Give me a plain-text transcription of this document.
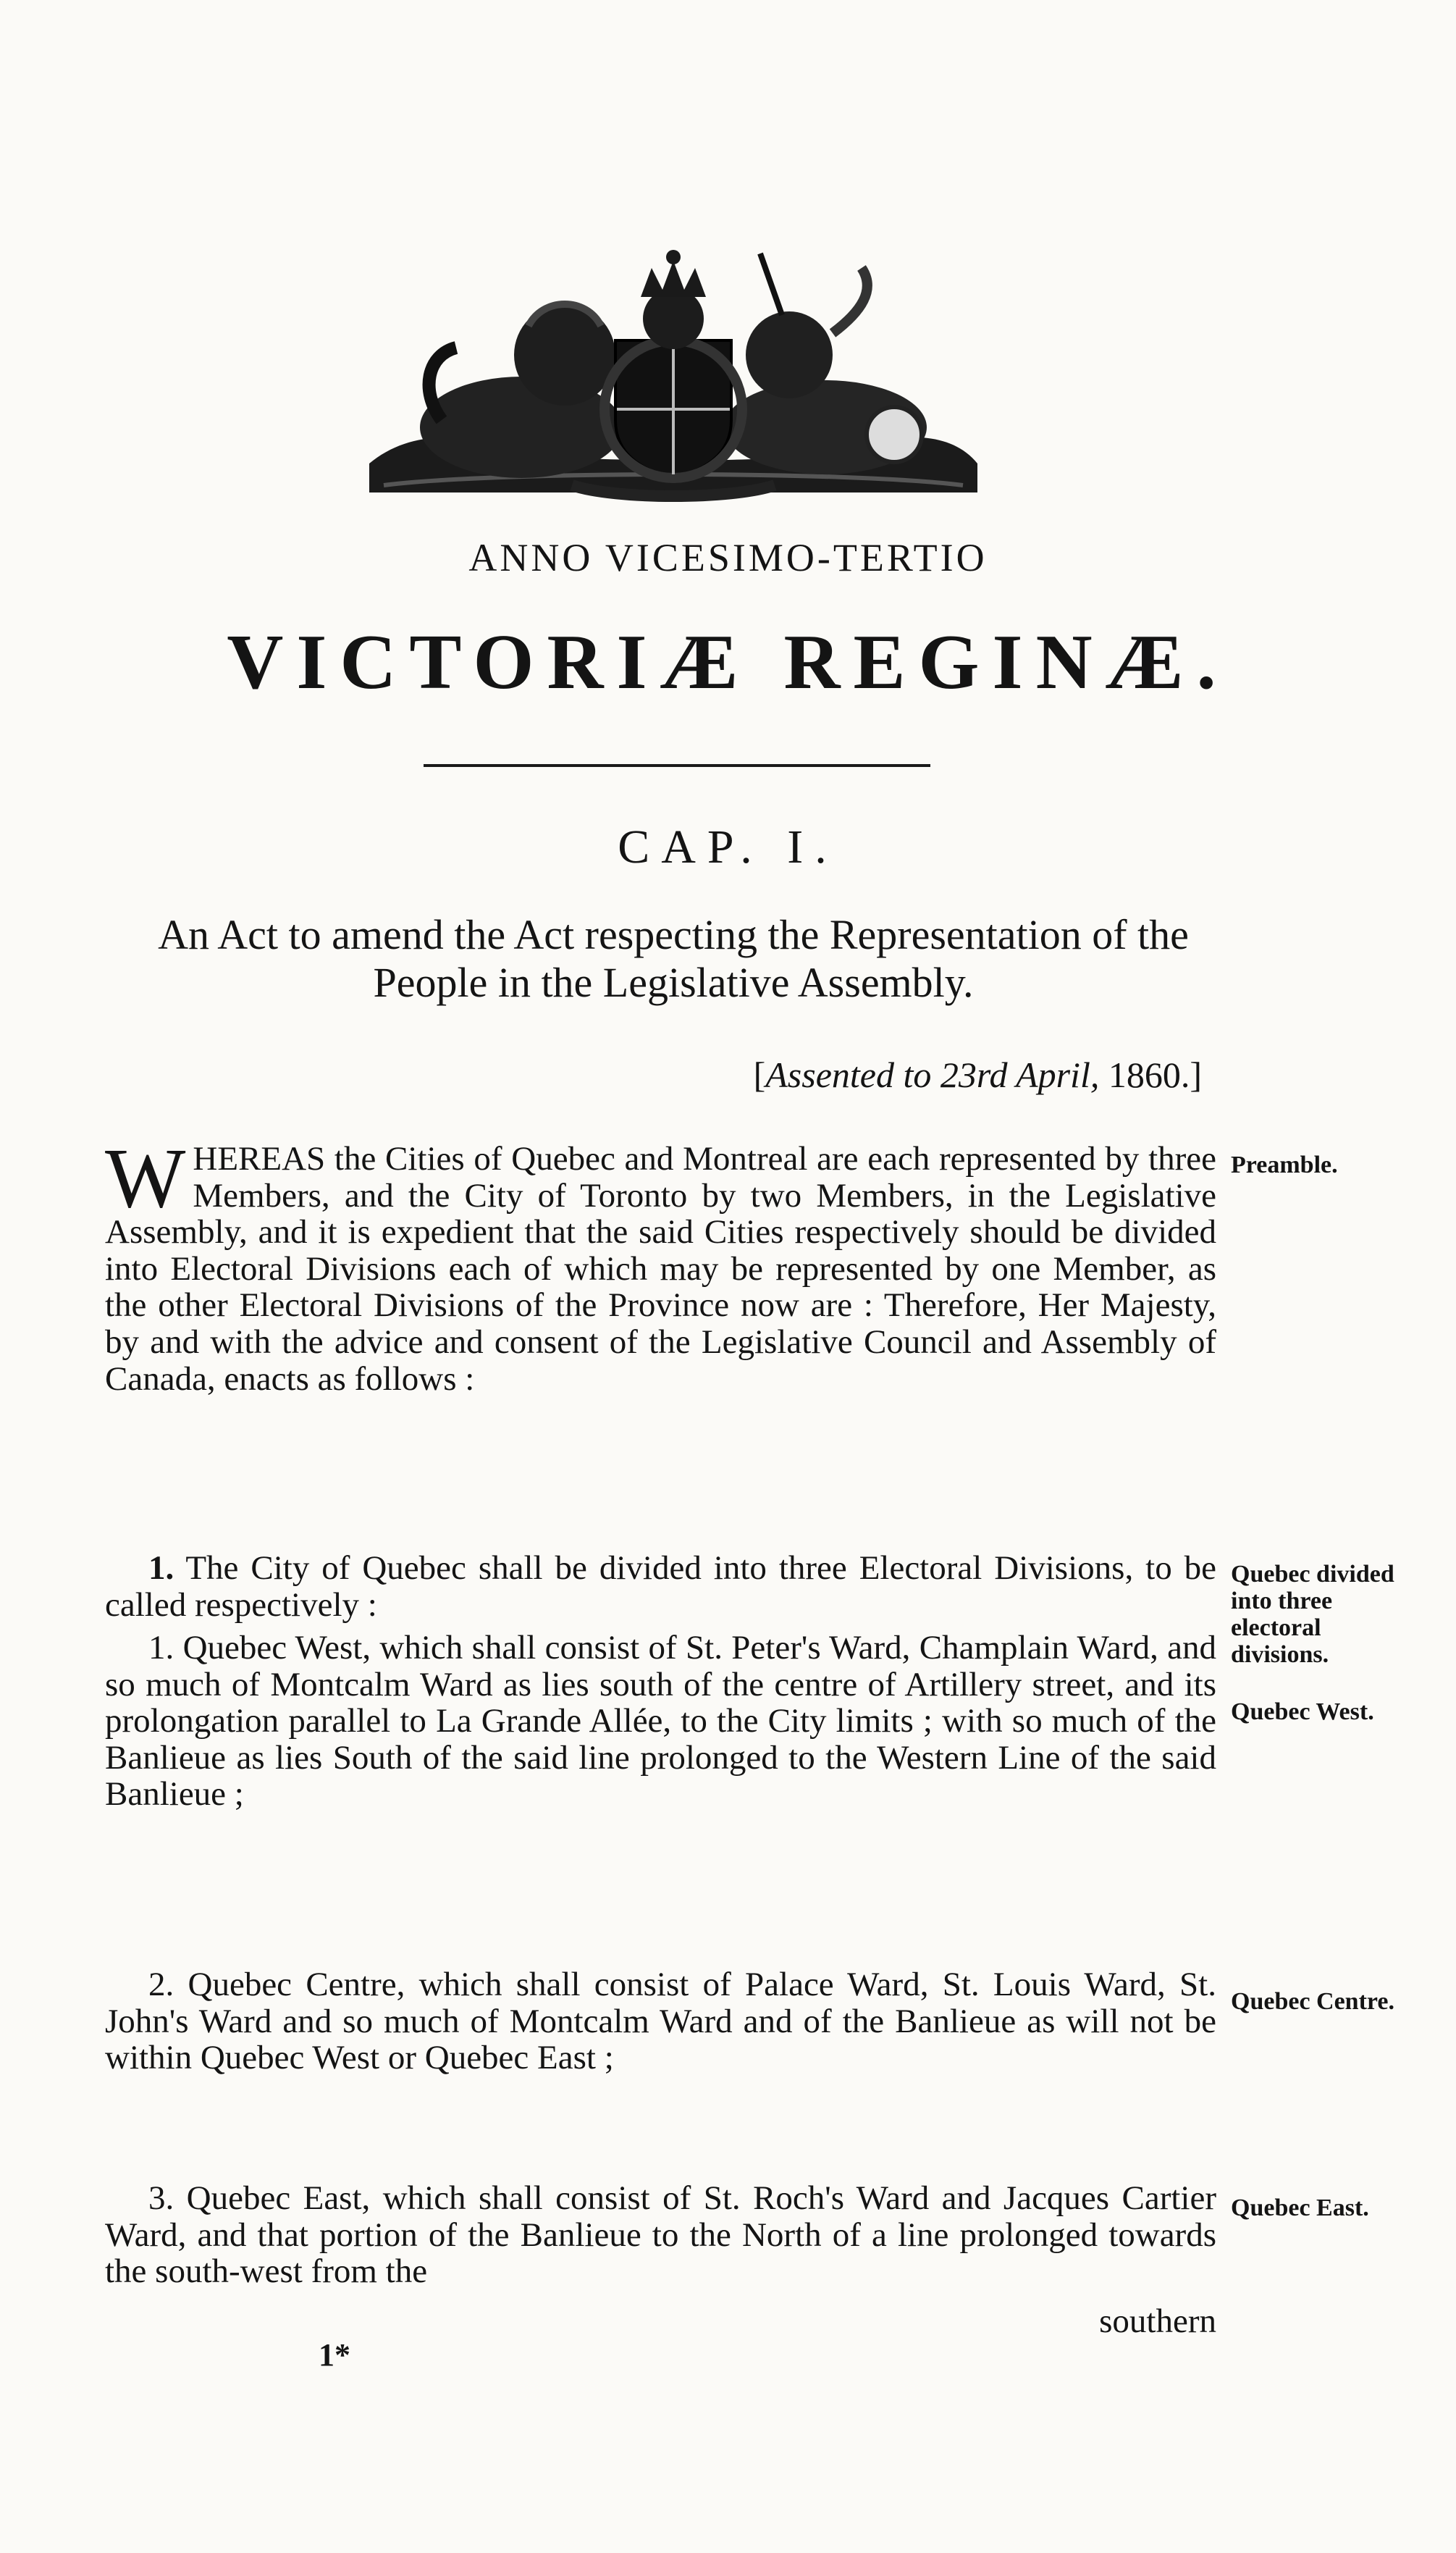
ANNO VICESIMO-TERTIO
VICTORIÆ REGINÆ.
CAP. I.
An Act to amend the Act respecting the Representation of the People in the Legislative Assembly.
[Assented to 23rd April, 1860.]
WHEREAS the Cities of Quebec and Montreal are each represented by three Members, and the City of Toronto by two Members, in the Legislative Assembly, and it is expedient that the said Cities respectively should be divided into Electoral Divisions each of which may be represented by one Member, as the other Electoral Divisions of the Province now are : Therefore, Her Majesty, by and with the advice and consent of the Legislative Council and Assembly of Canada, enacts as follows :
Preamble.
1. The City of Quebec shall be divided into three Electoral Divisions, to be called respectively :
Quebec divided into three electoral divisions.
1. Quebec West, which shall consist of St. Peter's Ward, Champlain Ward, and so much of Montcalm Ward as lies south of the centre of Artillery street, and its prolongation parallel to La Grande Allée, to the City limits ; with so much of the Banlieue as lies South of the said line prolonged to the Western Line of the said Banlieue ;
Quebec West.
2. Quebec Centre, which shall consist of Palace Ward, St. Louis Ward, St. John's Ward and so much of Montcalm Ward and of the Banlieue as will not be within Quebec West or Quebec East ;
Quebec Centre.
3. Quebec East, which shall consist of St. Roch's Ward and Jacques Cartier Ward, and that portion of the Banlieue to the North of a line prolonged towards the south-west from the
Quebec East.
southern
1*
